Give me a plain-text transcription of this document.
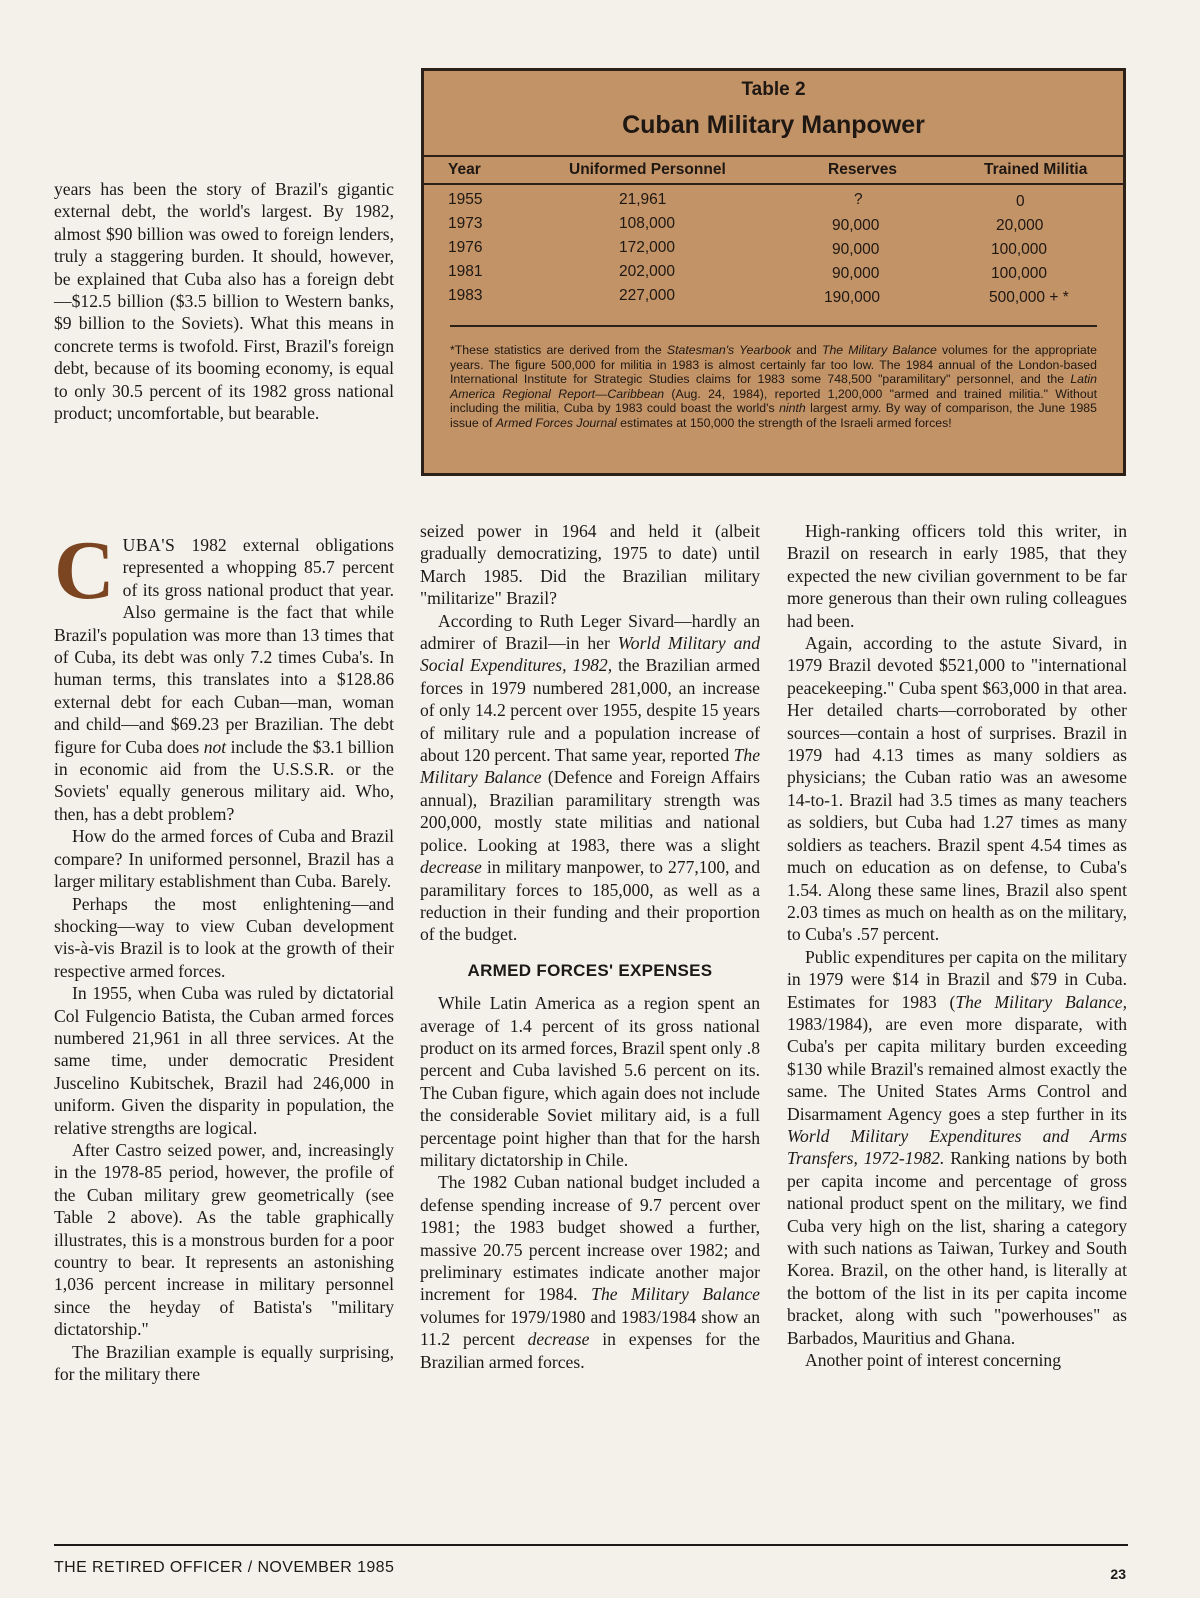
years has been the story of Brazil's gigantic external debt, the world's largest. By 1982, almost $90 billion was owed to foreign lenders, truly a staggering burden. It should, however, be explained that Cuba also has a foreign debt—$12.5 billion ($3.5 billion to Western banks, $9 billion to the Soviets). What this means in concrete terms is twofold. First, Brazil's foreign debt, because of its booming economy, is equal to only 30.5 percent of its 1982 gross national product; uncomfortable, but bearable.

Table 2
Cuban Military Manpower
Year	Uniformed Personnel	Reserves	Trained Militia
1955	21,961	?	0
1973	108,000	90,000	20,000
1976	172,000	90,000	100,000
1981	202,000	90,000	100,000
1983	227,000	190,000	500,000 + *
*These statistics are derived from the Statesman's Yearbook and The Military Balance volumes for the appropriate years. The figure 500,000 for militia in 1983 is almost certainly far too low. The 1984 annual of the London-based International Institute for Strategic Studies claims for 1983 some 748,500 "paramilitary" personnel, and the Latin America Regional Report—Caribbean (Aug. 24, 1984), reported 1,200,000 "armed and trained militia." Without including the militia, Cuba by 1983 could boast the world's ninth largest army. By way of comparison, the June 1985 issue of Armed Forces Journal estimates at 150,000 the strength of the Israeli armed forces!

CUBA'S 1982 external obligations represented a whopping 85.7 percent of its gross national product that year. Also germaine is the fact that while Brazil's population was more than 13 times that of Cuba, its debt was only 7.2 times Cuba's. In human terms, this translates into a $128.86 external debt for each Cuban—man, woman and child—and $69.23 per Brazilian. The debt figure for Cuba does not include the $3.1 billion in economic aid from the U.S.S.R. or the Soviets' equally generous military aid. Who, then, has a debt problem?

How do the armed forces of Cuba and Brazil compare? In uniformed personnel, Brazil has a larger military establishment than Cuba. Barely.

Perhaps the most enlightening—and shocking—way to view Cuban development vis-à-vis Brazil is to look at the growth of their respective armed forces.

In 1955, when Cuba was ruled by dictatorial Col Fulgencio Batista, the Cuban armed forces numbered 21,961 in all three services. At the same time, under democratic President Juscelino Kubitschek, Brazil had 246,000 in uniform. Given the disparity in population, the relative strengths are logical.

After Castro seized power, and, increasingly in the 1978-85 period, however, the profile of the Cuban military grew geometrically (see Table 2 above). As the table graphically illustrates, this is a monstrous burden for a poor country to bear. It represents an astonishing 1,036 percent increase in military personnel since the heyday of Batista's "military dictatorship."

The Brazilian example is equally surprising, for the military there

seized power in 1964 and held it (albeit gradually democratizing, 1975 to date) until March 1985. Did the Brazilian military "militarize" Brazil?

According to Ruth Leger Sivard—hardly an admirer of Brazil—in her World Military and Social Expenditures, 1982, the Brazilian armed forces in 1979 numbered 281,000, an increase of only 14.2 percent over 1955, despite 15 years of military rule and a population increase of about 120 percent. That same year, reported The Military Balance (Defence and Foreign Affairs annual), Brazilian paramilitary strength was 200,000, mostly state militias and national police. Looking at 1983, there was a slight decrease in military manpower, to 277,100, and paramilitary forces to 185,000, as well as a reduction in their funding and their proportion of the budget.

ARMED FORCES' EXPENSES

While Latin America as a region spent an average of 1.4 percent of its gross national product on its armed forces, Brazil spent only .8 percent and Cuba lavished 5.6 percent on its. The Cuban figure, which again does not include the considerable Soviet military aid, is a full percentage point higher than that for the harsh military dictatorship in Chile.

The 1982 Cuban national budget included a defense spending increase of 9.7 percent over 1981; the 1983 budget showed a further, massive 20.75 percent increase over 1982; and preliminary estimates indicate another major increment for 1984. The Military Balance volumes for 1979/1980 and 1983/1984 show an 11.2 percent decrease in expenses for the Brazilian armed forces.

High-ranking officers told this writer, in Brazil on research in early 1985, that they expected the new civilian government to be far more generous than their own ruling colleagues had been.

Again, according to the astute Sivard, in 1979 Brazil devoted $521,000 to "international peacekeeping." Cuba spent $63,000 in that area. Her detailed charts—corroborated by other sources—contain a host of surprises. Brazil in 1979 had 4.13 times as many soldiers as physicians; the Cuban ratio was an awesome 14-to-1. Brazil had 3.5 times as many teachers as soldiers, but Cuba had 1.27 times as many soldiers as teachers. Brazil spent 4.54 times as much on education as on defense, to Cuba's 1.54. Along these same lines, Brazil also spent 2.03 times as much on health as on the military, to Cuba's .57 percent.

Public expenditures per capita on the military in 1979 were $14 in Brazil and $79 in Cuba. Estimates for 1983 (The Military Balance, 1983/1984), are even more disparate, with Cuba's per capita military burden exceeding $130 while Brazil's remained almost exactly the same. The United States Arms Control and Disarmament Agency goes a step further in its World Military Expenditures and Arms Transfers, 1972-1982. Ranking nations by both per capita income and percentage of gross national product spent on the military, we find Cuba very high on the list, sharing a category with such nations as Taiwan, Turkey and South Korea. Brazil, on the other hand, is literally at the bottom of the list in its per capita income bracket, along with such "powerhouses" as Barbados, Mauritius and Ghana.

Another point of interest concerning

THE RETIRED OFFICER / NOVEMBER 1985	23
